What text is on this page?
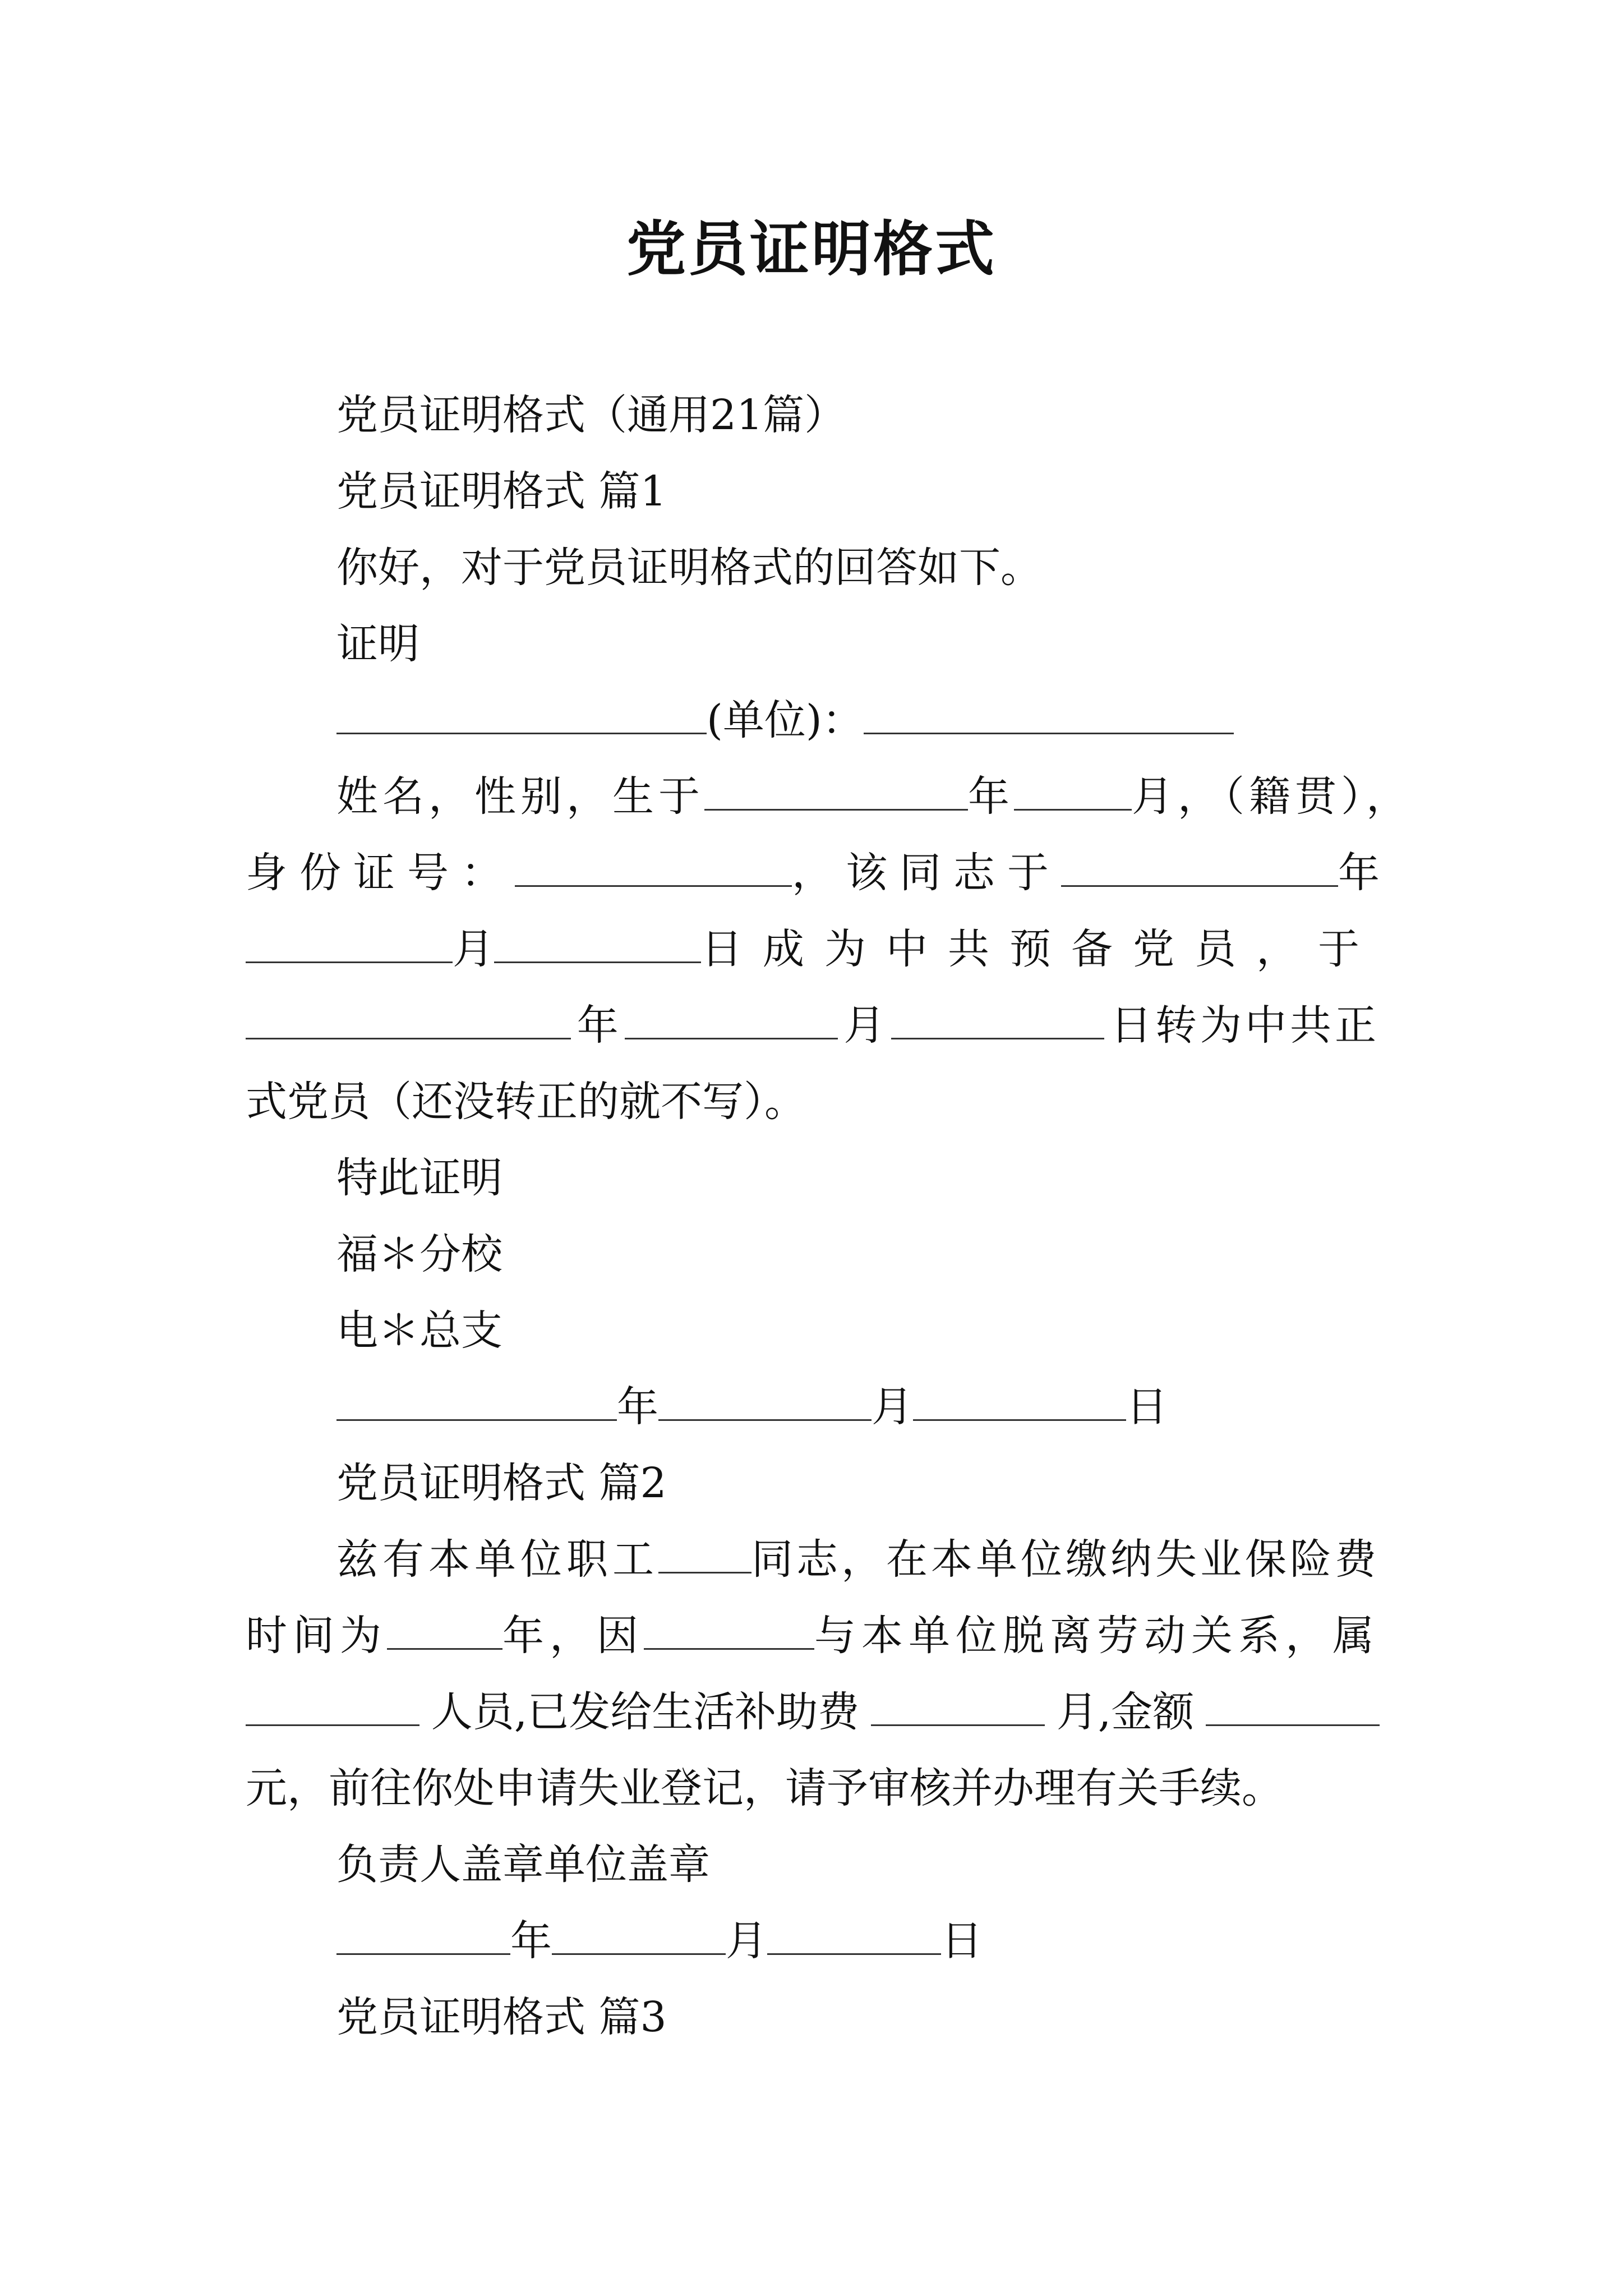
党员证明格式
党员证明格式（通用21篇）
党员证明格式 篇1
你好，对于党员证明格式的回答如下。
证明
(单位)：
姓名，性别，生于	年	月，（籍贯），
身份证号：	，该同志于	年
月	日成为中共预备党员，于
年	月	日转为中共正
式党员（还没转正的就不写）。
特此证明
福＊分校
电＊总支
年	月	日
党员证明格式 篇2
兹有本单位职工 同志，在本单位缴纳失业保险费
时间为	年，因	与本单位脱离劳动关系，属
人员,已发给生活补助费	月,金额
元，前往你处申请失业登记，请予审核并办理有关手续。
负责人盖章单位盖章
年	月	日
党员证明格式 篇3
